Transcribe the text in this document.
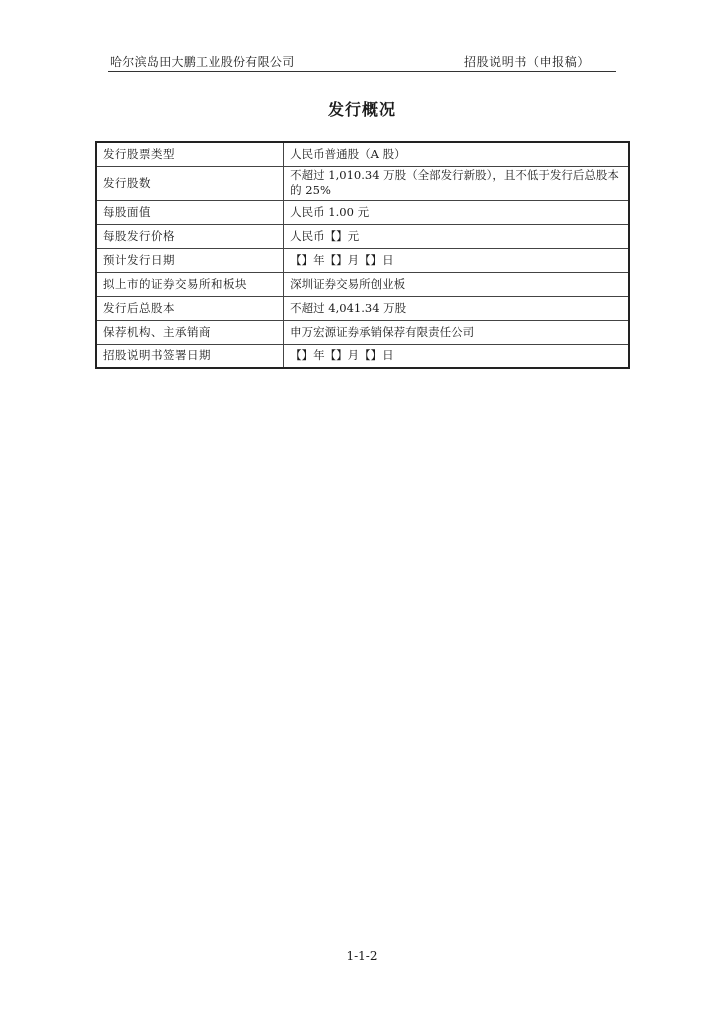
哈尔滨岛田大鹏工业股份有限公司	招股说明书（申报稿）
发行概况
发行股票类型	人民币普通股（A 股）
发行股数	不超过 1,010.34 万股（全部发行新股），且不低于发行后总股本的 25%
每股面值	人民币 1.00 元
每股发行价格	人民币【】元
预计发行日期	【】年【】月【】日
拟上市的证券交易所和板块	深圳证券交易所创业板
发行后总股本	不超过 4,041.34 万股
保荐机构、主承销商	申万宏源证券承销保荐有限责任公司
招股说明书签署日期	【】年【】月【】日
1-1-2
